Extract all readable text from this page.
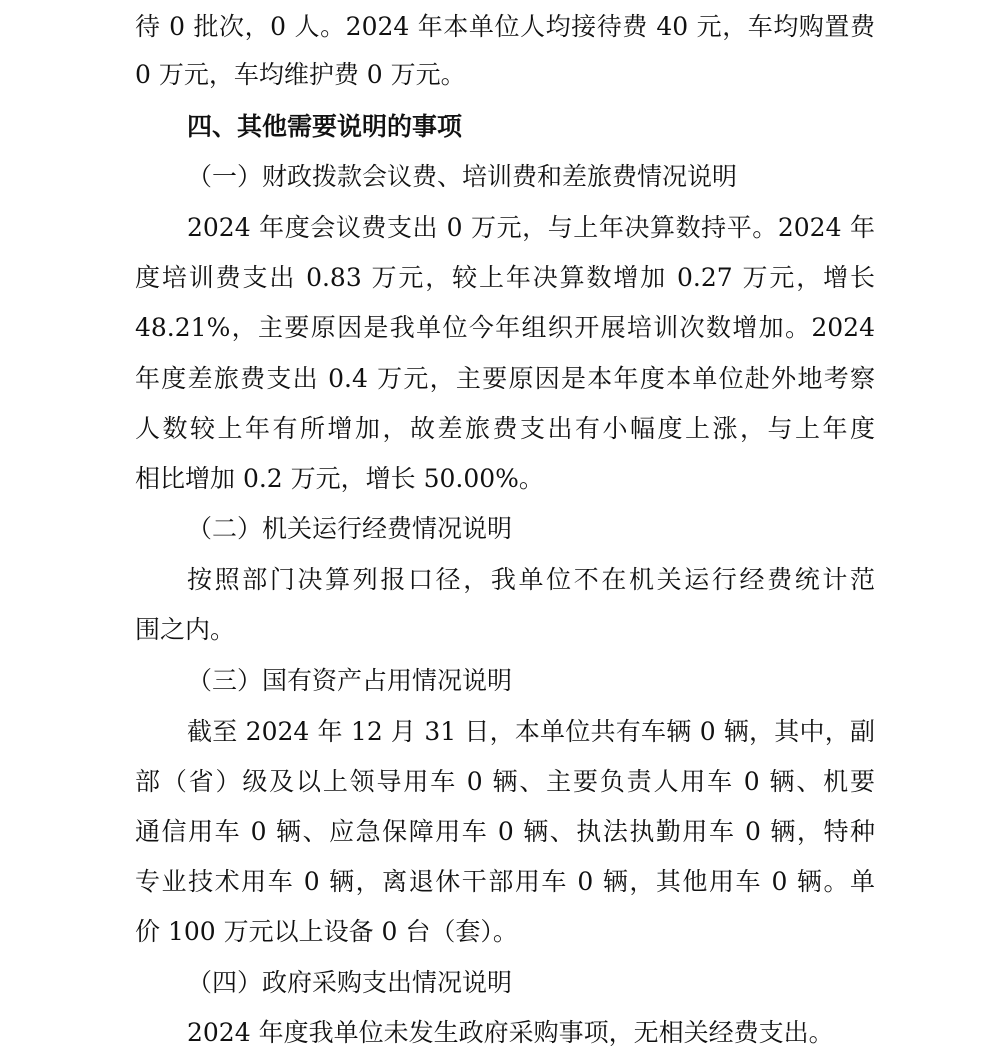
待 0 批次，0 人。2024 年本单位人均接待费 40 元，车均购置费
0 万元，车均维护费 0 万元。
四、其他需要说明的事项
（一）财政拨款会议费、培训费和差旅费情况说明
2024 年度会议费支出 0 万元，与上年决算数持平。2024 年
度培训费支出 0.83 万元，较上年决算数增加 0.27 万元，增长
48.21%，主要原因是我单位今年组织开展培训次数增加。2024
年度差旅费支出 0.4 万元，主要原因是本年度本单位赴外地考察
人数较上年有所增加，故差旅费支出有小幅度上涨，与上年度
相比增加 0.2 万元，增长 50.00%。
（二）机关运行经费情况说明
按照部门决算列报口径，我单位不在机关运行经费统计范
围之内。
（三）国有资产占用情况说明
截至 2024 年 12 月 31 日，本单位共有车辆 0 辆，其中，副
部（省）级及以上领导用车 0 辆、主要负责人用车 0 辆、机要
通信用车 0 辆、应急保障用车 0 辆、执法执勤用车 0 辆，特种
专业技术用车 0 辆，离退休干部用车 0 辆，其他用车 0 辆。单
价 100 万元以上设备 0 台（套）。
（四）政府采购支出情况说明
2024 年度我单位未发生政府采购事项，无相关经费支出。
